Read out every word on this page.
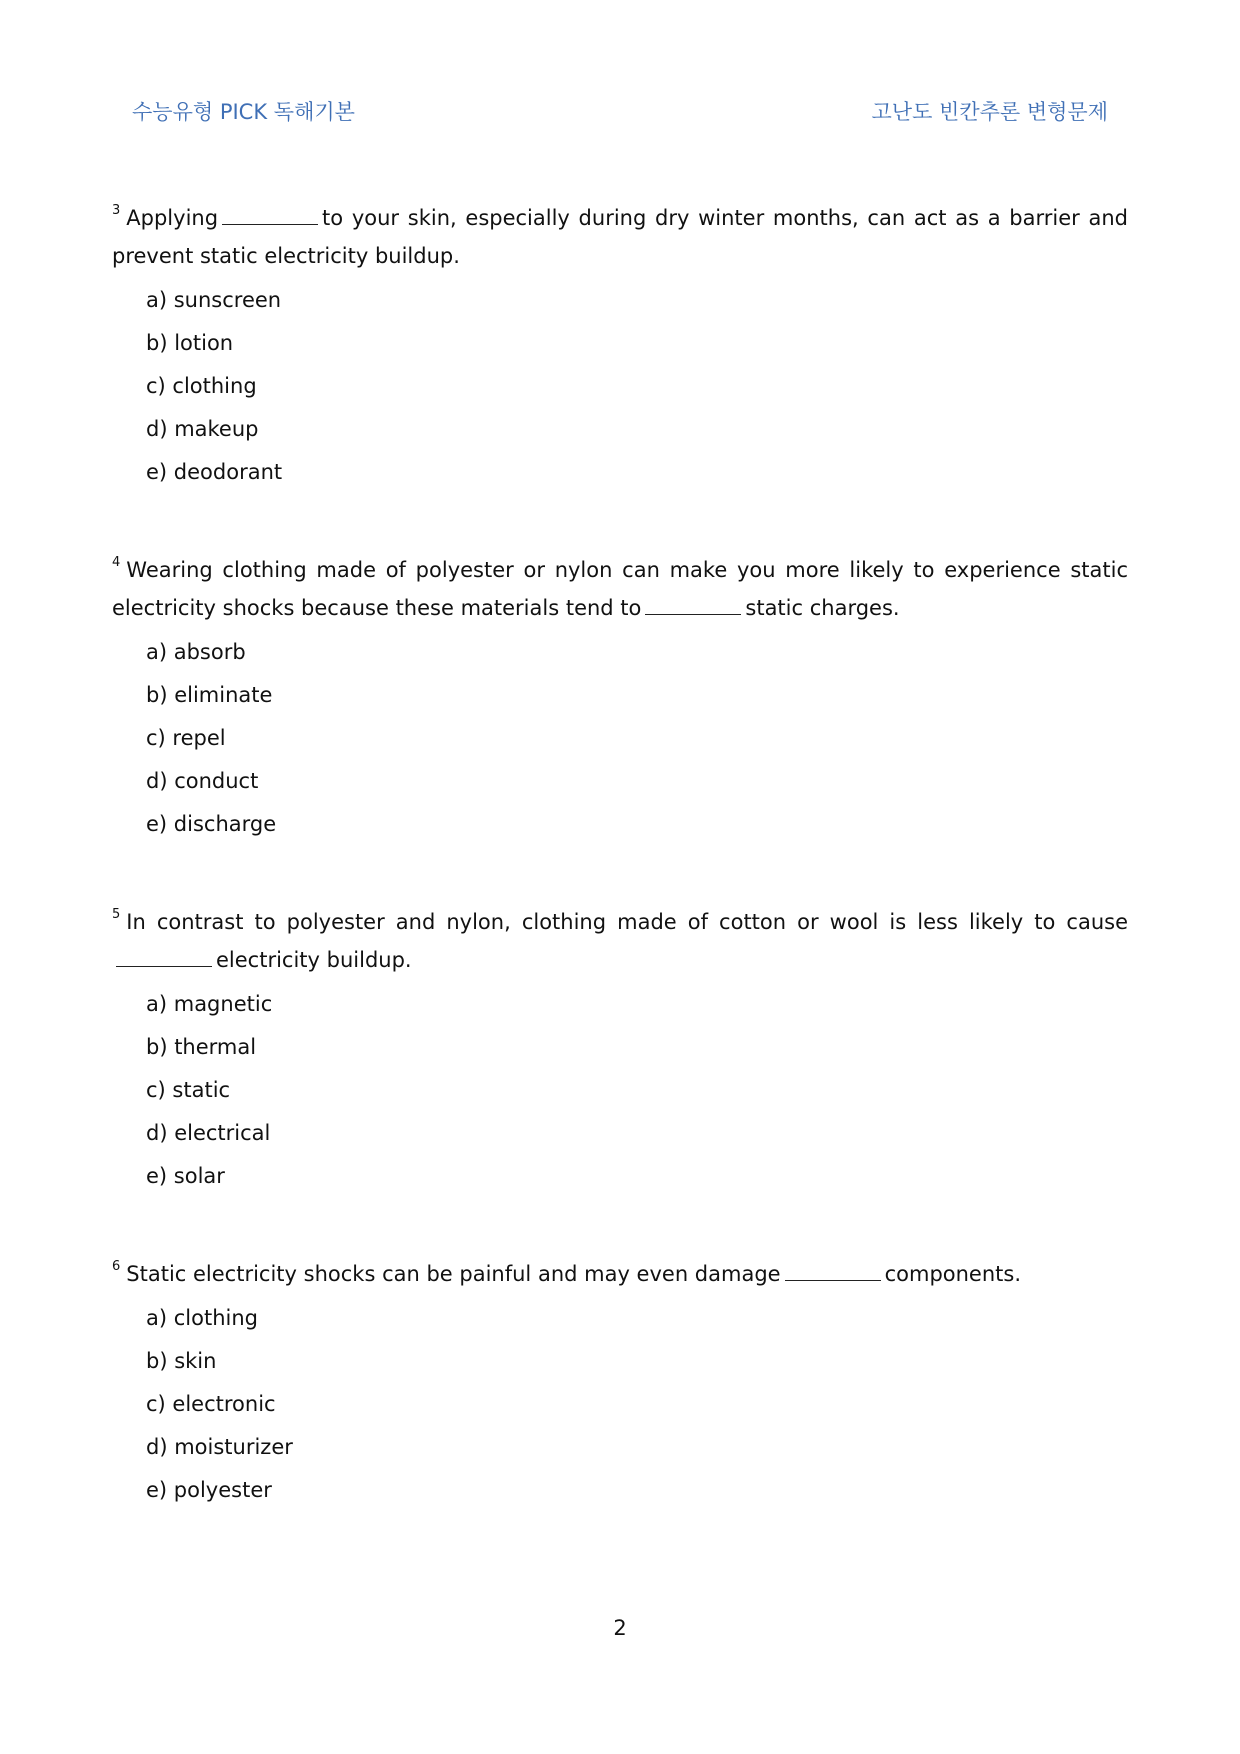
수능유형 PICK 독해기본	고난도 빈칸추론 변형문제

$^3$ Applying	to your skin, especially during dry winter months, can act as a barrier and prevent static electricity buildup.

a) sunscreen
b) lotion
c) clothing
d) makeup
e) deodorant

$^4$ Wearing clothing made of polyester or nylon can make you more likely to experience static electricity shocks because these materials tend to	static charges.

a) absorb
b) eliminate
c) repel
d) conduct
e) discharge

$^5$ In contrast to polyester and nylon, clothing made of cotton or wool is less likely to causeelectricity buildup.

a) magnetic
b) thermal
c) static
d) electrical
e) solar

$^6$ Static electricity shocks can be painful and may even damage	components.

a) clothing
b) skin
c) electronic
d) moisturizer
e) polyester
2
